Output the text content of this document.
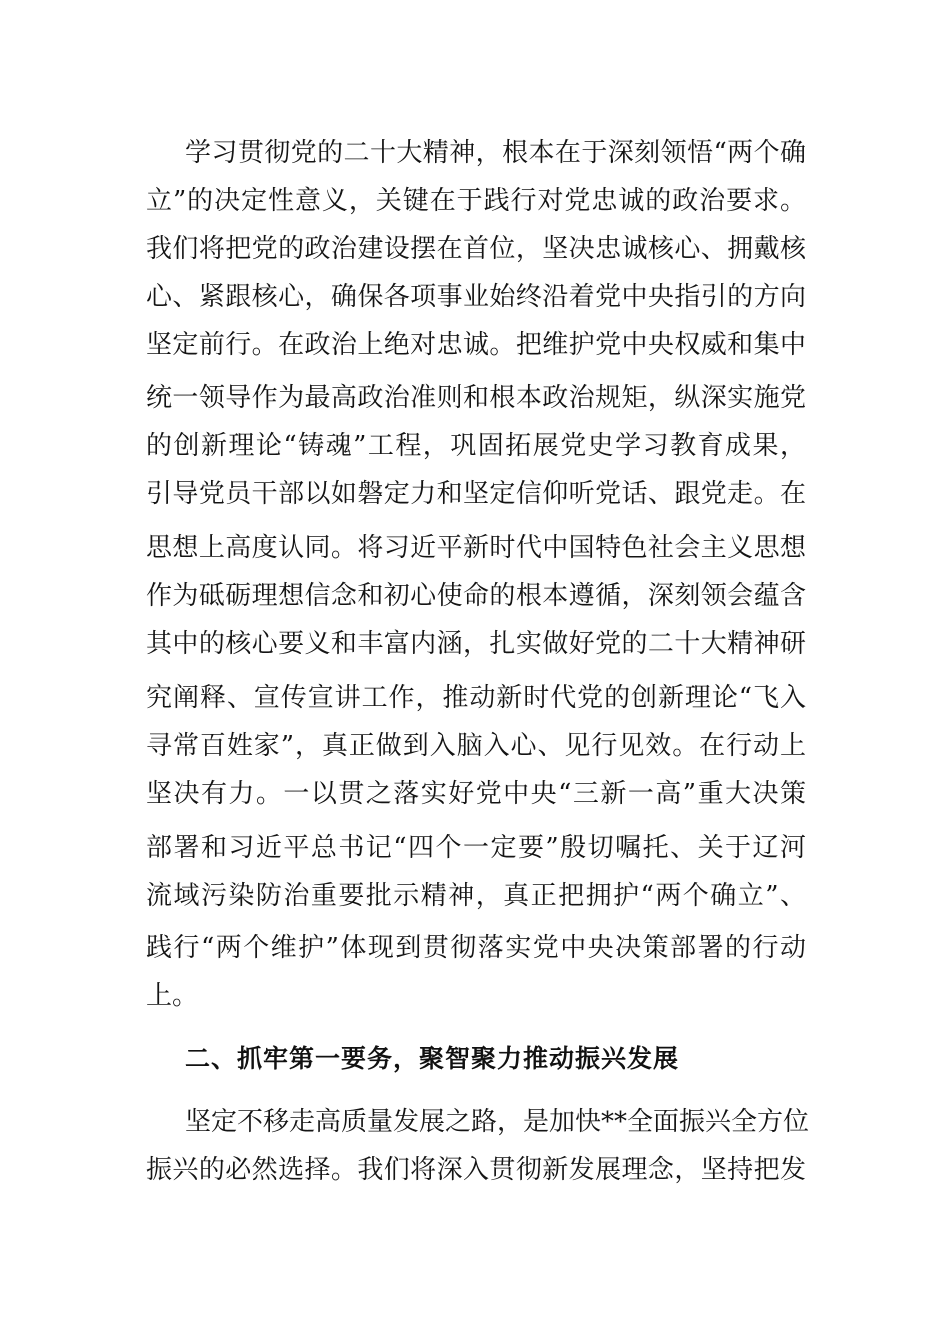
学习贯彻党的二十大精神，根本在于深刻领悟“两个确
立”的决定性意义，关键在于践行对党忠诚的政治要求。
我们将把党的政治建设摆在首位，坚决忠诚核心、拥戴核
心、紧跟核心，确保各项事业始终沿着党中央指引的方向
坚定前行。在政治上绝对忠诚。把维护党中央权威和集中
统一领导作为最高政治准则和根本政治规矩，纵深实施党
的创新理论“铸魂”工程，巩固拓展党史学习教育成果，
引导党员干部以如磐定力和坚定信仰听党话、跟党走。在
思想上高度认同。将习近平新时代中国特色社会主义思想
作为砥砺理想信念和初心使命的根本遵循，深刻领会蕴含
其中的核心要义和丰富内涵，扎实做好党的二十大精神研
究阐释、宣传宣讲工作，推动新时代党的创新理论“飞入
寻常百姓家”，真正做到入脑入心、见行见效。在行动上
坚决有力。一以贯之落实好党中央“三新一高”重大决策
部署和习近平总书记“四个一定要”殷切嘱托、关于辽河
流域污染防治重要批示精神，真正把拥护“两个确立”、
践行“两个维护”体现到贯彻落实党中央决策部署的行动
上。
二、抓牢第一要务，聚智聚力推动振兴发展
坚定不移走高质量发展之路，是加快**全面振兴全方位
振兴的必然选择。我们将深入贯彻新发展理念，坚持把发
